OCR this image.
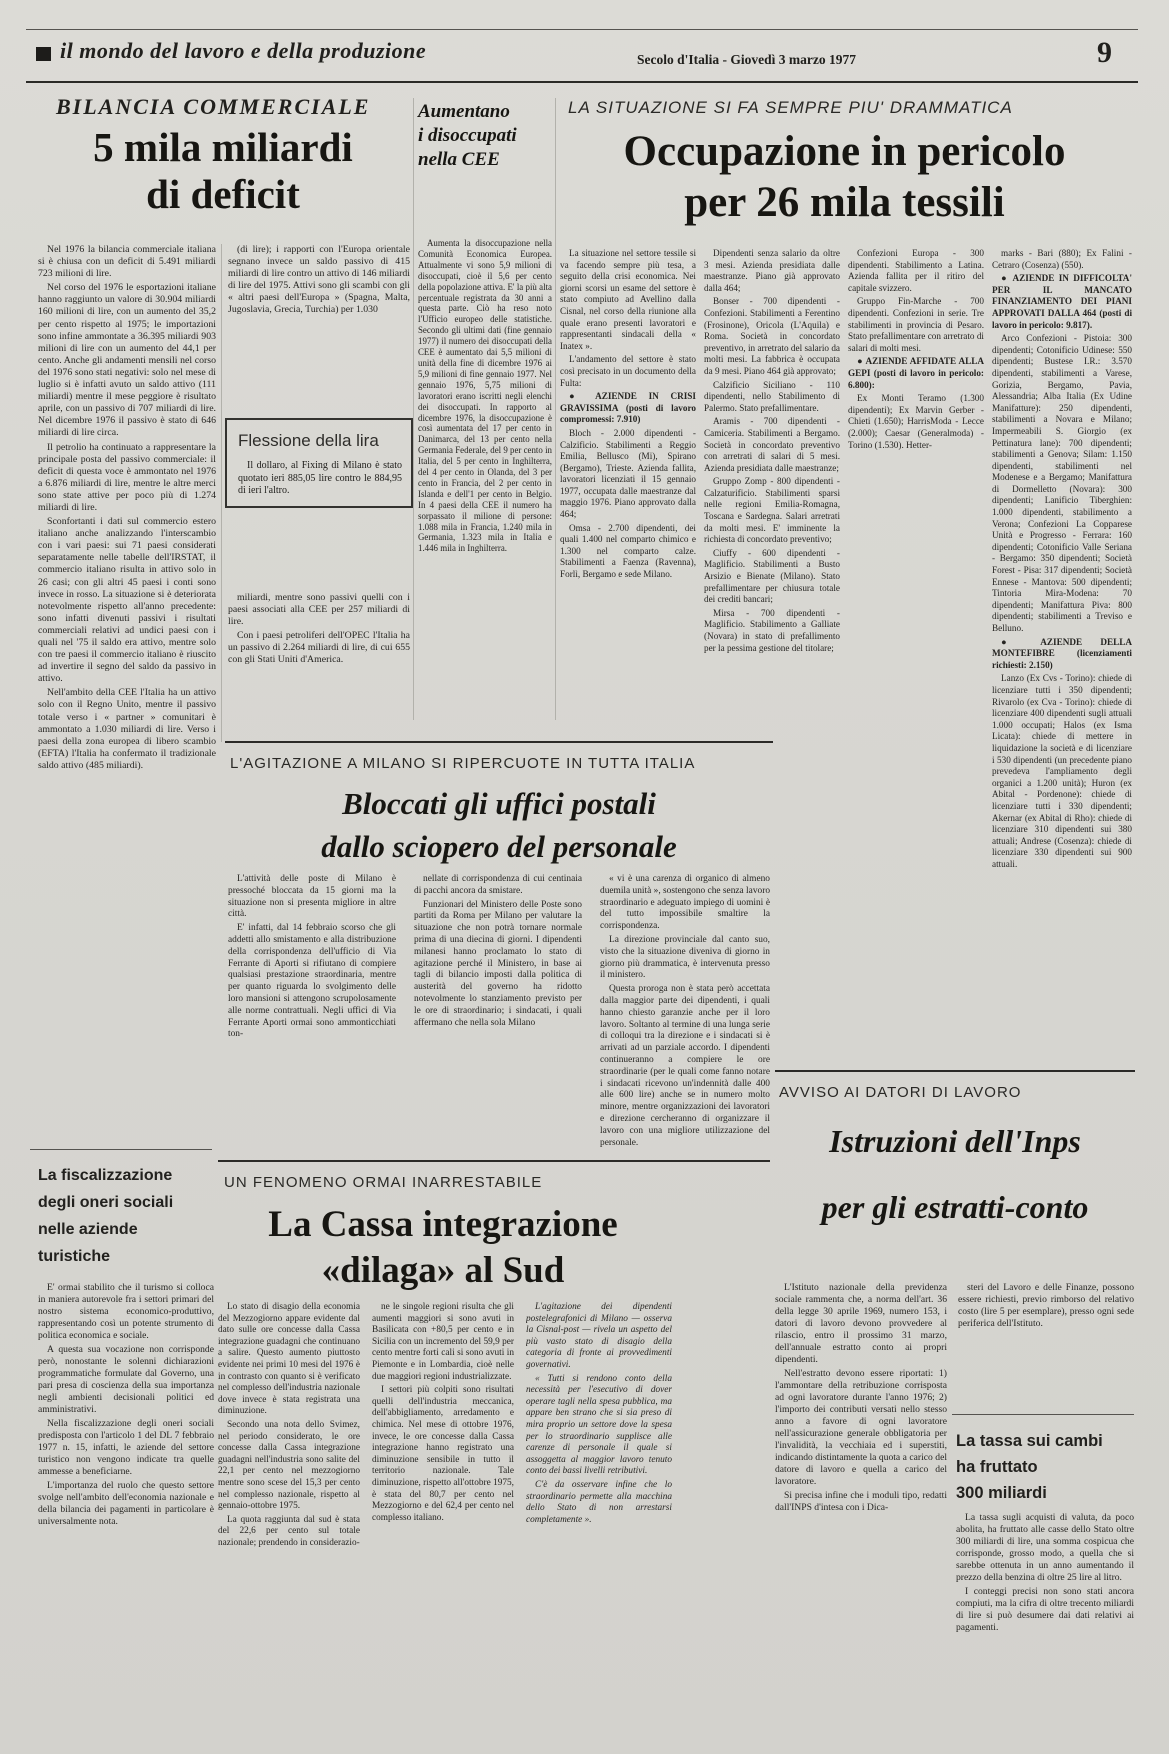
il mondo del lavoro e della produzione	Secolo d'Italia - Giovedì 3 marzo 1977	9
BILANCIA COMMERCIALE
5 mila miliardi
di deficit

Nel 1976 la bilancia commerciale italiana si è chiusa con un deficit di 5.491 miliardi 723 milioni di lire.

Nel corso del 1976 le esportazioni italiane hanno raggiunto un valore di 30.904 miliardi 160 milioni di lire, con un aumento del 35,2 per cento rispetto al 1975; le importazioni sono infine ammontate a 36.395 miliardi 903 milioni di lire con un aumento del 44,1 per cento. Anche gli andamenti mensili nel corso del 1976 sono stati negativi: solo nel mese di luglio si è infatti avuto un saldo attivo (111 miliardi) mentre il mese peggiore è risultato aprile, con un passivo di 707 miliardi di lire. Nel dicembre 1976 il passivo è stato di 646 miliardi di lire circa.

Il petrolio ha continuato a rappresentare la principale posta del passivo commerciale: il deficit di questa voce è ammontato nel 1976 a 6.876 miliardi di lire, mentre le altre merci sono state attive per poco più di 1.274 miliardi di lire.

Sconfortanti i dati sul commercio estero italiano anche analizzando l'interscambio con i vari paesi: sui 71 paesi considerati separatamente nelle tabelle dell'IRSTAT, il commercio italiano risulta in attivo solo in 26 casi; con gli altri 45 paesi i conti sono invece in rosso. La situazione si è deteriorata notevolmente rispetto all'anno precedente: sono infatti divenuti passivi i risultati commerciali relativi ad undici paesi con i quali nel '75 il saldo era attivo, mentre solo con tre paesi il commercio italiano è riuscito ad invertire il segno del saldo da passivo in attivo.

Nell'ambito della CEE l'Italia ha un attivo solo con il Regno Unito, mentre il passivo totale verso i « partner » comunitari è ammontato a 1.030 miliardi di lire. Verso i paesi della zona europea di libero scambio (EFTA) l'Italia ha confermato il tradizionale saldo attivo (485 miliardi).

(di lire); i rapporti con l'Europa orientale segnano invece un saldo passivo di 415 miliardi di lire contro un attivo di 146 miliardi di lire del 1975. Attivi sono gli scambi con gli « altri paesi dell'Europa » (Spagna, Malta, Jugoslavia, Grecia, Turchia) per 1.030

Flessione della lira

Il dollaro, al Fixing di Milano è stato quotato ieri 885,05 lire contro le 884,95 di ieri l'altro.

miliardi, mentre sono passivi quelli con i paesi associati alla CEE per 257 miliardi di lire.

Con i paesi petroliferi dell'OPEC l'Italia ha un passivo di 2.264 miliardi di lire, di cui 655 con gli Stati Uniti d'America.

Aumentano
i disoccupati
nella CEE

Aumenta la disoccupazione nella Comunità Economica Europea. Attualmente vi sono 5,9 milioni di disoccupati, cioè il 5,6 per cento della popolazione attiva. E' la più alta percentuale registrata da 30 anni a questa parte. Ciò ha reso noto l'Ufficio europeo delle statistiche. Secondo gli ultimi dati (fine gennaio 1977) il numero dei disoccupati della CEE è aumentato dai 5,5 milioni di unità della fine di dicembre 1976 ai 5,9 milioni di fine gennaio 1977. Nel gennaio 1976, 5,75 milioni di lavoratori erano iscritti negli elenchi dei disoccupati. In rapporto al dicembre 1976, la disoccupazione è così aumentata del 17 per cento in Danimarca, del 13 per cento nella Germania Federale, del 9 per cento in Italia, del 5 per cento in Inghilterra, del 4 per cento in Olanda, del 3 per cento in Francia, del 2 per cento in Islanda e dell'1 per cento in Belgio. In 4 paesi della CEE il numero ha sorpassato il milione di persone: 1.088 mila in Francia, 1.240 mila in Germania, 1.323 mila in Italia e 1.446 mila in Inghilterra.

LA SITUAZIONE SI FA SEMPRE PIU' DRAMMATICA
Occupazione in pericolo
per 26 mila tessili

La situazione nel settore tessile si va facendo sempre più tesa, a seguito della crisi economica. Nei giorni scorsi un esame del settore è stato compiuto ad Avellino dalla Cisnal, nel corso della riunione alla quale erano presenti lavoratori e rappresentanti sindacali della « Inatex ».

L'andamento del settore è stato così precisato in un documento della Fulta:

● AZIENDE IN CRISI GRAVISSIMA (posti di lavoro compromessi: 7.910)

Bloch - 2.000 dipendenti - Calzificio. Stabilimenti a Reggio Emilia, Bellusco (Mi), Spirano (Bergamo), Trieste. Azienda fallita, lavoratori licenziati il 15 gennaio 1977, occupata dalle maestranze dal maggio 1976. Piano approvato dalla 464;

Omsa - 2.700 dipendenti, dei quali 1.400 nel comparto chimico e 1.300 nel comparto calze. Stabilimenti a Faenza (Ravenna), Forlì, Bergamo e sede Milano.

Dipendenti senza salario da oltre 3 mesi. Azienda presidiata dalle maestranze. Piano già approvato dalla 464;

Bonser - 700 dipendenti - Confezioni. Stabilimenti a Ferentino (Frosinone), Oricola (L'Aquila) e Roma. Società in concordato preventivo, in arretrato del salario da molti mesi. La fabbrica è occupata da 9 mesi. Piano 464 già approvato;

Calzificio Siciliano - 110 dipendenti, nello Stabilimento di Palermo. Stato prefallimentare.

Aramis - 700 dipendenti - Camiceria. Stabilimenti a Bergamo. Società in concordato preventivo con arretrati di salari di 5 mesi. Azienda presidiata dalle maestranze;

Gruppo Zomp - 800 dipendenti - Calzaturificio. Stabilimenti sparsi nelle regioni Emilia-Romagna, Toscana e Sardegna. Salari arretrati da molti mesi. E' imminente la richiesta di concordato preventivo;

Ciuffy - 600 dipendenti - Maglificio. Stabilimenti a Busto Arsizio e Bienate (Milano). Stato prefallimentare per chiusura totale dei crediti bancari;

Mirsa - 700 dipendenti - Maglificio. Stabilimento a Galliate (Novara) in stato di prefallimento per la pessima gestione del titolare;

Confezioni Europa - 300 dipendenti. Stabilimento a Latina. Azienda fallita per il ritiro del capitale svizzero.

Gruppo Fin-Marche - 700 dipendenti. Confezioni in serie. Tre stabilimenti in provincia di Pesaro. Stato prefallimentare con arretrato di salari di molti mesi.

● AZIENDE AFFIDATE ALLA GEPI (posti di lavoro in pericolo: 6.800):

Ex Monti Teramo (1.300 dipendenti); Ex Marvin Gerber - Chieti (1.650); HarrisModa - Lecce (2.000); Caesar (Generalmoda) - Torino (1.530). Hetter-

marks - Bari (880); Ex Falini - Cetraro (Cosenza) (550).

● AZIENDE IN DIFFICOLTA' PER IL MANCATO FINANZIAMENTO DEI PIANI APPROVATI DALLA 464 (posti di lavoro in pericolo: 9.817).

Arco Confezioni - Pistoia: 300 dipendenti; Cotonificio Udinese: 550 dipendenti; Bustese I.R.: 3.570 dipendenti, stabilimenti a Varese, Gorizia, Bergamo, Pavia, Alessandria; Alba Italia (Ex Udine Manifatture): 250 dipendenti, stabilimenti a Novara e Milano; Impermeabili S. Giorgio (ex Pettinatura lane): 700 dipendenti; stabilimenti a Genova; Silam: 1.150 dipendenti, stabilimenti nel Modenese e a Bergamo; Manifattura di Dormelletto (Novara): 300 dipendenti; Lanificio Tiberghien: 1.000 dipendenti, stabilimento a Verona; Confezioni La Copparese Unità e Progresso - Ferrara: 160 dipendenti; Cotonificio Valle Seriana - Bergamo: 350 dipendenti; Società Forest - Pisa: 317 dipendenti; Società Ennese - Mantova: 500 dipendenti; Tintoria Mira-Modena: 70 dipendenti; Manifattura Piva: 800 dipendenti; stabilimenti a Treviso e Belluno.

● AZIENDE DELLA MONTEFIBRE (licenziamenti richiesti: 2.150)

Lanzo (Ex Cvs - Torino): chiede di licenziare tutti i 350 dipendenti; Rivarolo (ex Cva - Torino): chiede di licenziare 400 dipendenti sugli attuali 1.000 occupati; Halos (ex Isma Licata): chiede di mettere in liquidazione la società e di licenziare i 530 dipendenti (un precedente piano prevedeva l'ampliamento degli organici a 1.200 unità); Huron (ex Abital - Pordenone): chiede di licenziare tutti i 330 dipendenti; Akernar (ex Abital di Rho): chiede di licenziare 310 dipendenti sui 380 attuali; Andrese (Cosenza): chiede di licenziare 330 dipendenti sui 900 attuali.

L'AGITAZIONE A MILANO SI RIPERCUOTE IN TUTTA ITALIA
Bloccati gli uffici postali
dallo sciopero del personale

L'attività delle poste di Milano è pressoché bloccata da 15 giorni ma la situazione non si presenta migliore in altre città.

E' infatti, dal 14 febbraio scorso che gli addetti allo smistamento e alla distribuzione della corrispondenza dell'ufficio di Via Ferrante di Aporti si rifiutano di compiere qualsiasi prestazione straordinaria, mentre per quanto riguarda lo svolgimento delle loro mansioni si attengono scrupolosamente alle norme contrattuali. Negli uffici di Via Ferrante Aporti ormai sono ammonticchiati ton-

nellate di corrispondenza di cui centinaia di pacchi ancora da smistare.

Funzionari del Ministero delle Poste sono partiti da Roma per Milano per valutare la situazione che non potrà tornare normale prima di una diecina di giorni. I dipendenti milanesi hanno proclamato lo stato di agitazione perché il Ministero, in base ai tagli di bilancio imposti dalla politica di austerità del governo ha ridotto notevolmente lo stanziamento previsto per le ore di straordinario; i sindacati, i quali affermano che nella sola Milano

« vi è una carenza di organico di almeno duemila unità », sostengono che senza lavoro straordinario e adeguato impiego di uomini è del tutto impossibile smaltire la corrispondenza.

La direzione provinciale dal canto suo, visto che la situazione diveniva di giorno in giorno più drammatica, è intervenuta presso il ministero.

Questa proroga non è stata però accettata dalla maggior parte dei dipendenti, i quali hanno chiesto garanzie anche per il loro lavoro. Soltanto al termine di una lunga serie di colloqui tra la direzione e i sindacati si è arrivati ad un parziale accordo. I dipendenti continueranno a compiere le ore straordinarie (per le quali come fanno notare i sindacati ricevono un'indennità dalle 400 alle 600 lire) anche se in numero molto minore, mentre organizzazioni dei lavoratori e direzione cercheranno di organizzare il lavoro con una migliore utilizzazione del personale.

La fiscalizzazione
degli oneri sociali
nelle aziende
turistiche

E' ormai stabilito che il turismo si colloca in maniera autorevole fra i settori primari del nostro sistema economico-produttivo, rappresentando così un potente strumento di politica economica e sociale.

A questa sua vocazione non corrisponde però, nonostante le solenni dichiarazioni programmatiche formulate dal Governo, una pari presa di coscienza della sua importanza negli ambienti decisionali politici ed amministrativi.

Nella fiscalizzazione degli oneri sociali predisposta con l'articolo 1 del DL 7 febbraio 1977 n. 15, infatti, le aziende del settore turistico non vengono indicate tra quelle ammesse a beneficiarne.

L'importanza del ruolo che questo settore svolge nell'ambito dell'economia nazionale e della bilancia dei pagamenti in particolare è universalmente nota.

UN FENOMENO ORMAI INARRESTABILE
La Cassa integrazione
«dilaga» al Sud

Lo stato di disagio della economia del Mezzogiorno appare evidente dal dato sulle ore concesse dalla Cassa integrazione guadagni che continuano a salire. Questo aumento piuttosto evidente nei primi 10 mesi del 1976 è in contrasto con quanto si è verificato nel complesso dell'industria nazionale dove invece è stata registrata una diminuzione.

Secondo una nota dello Svimez, nel periodo considerato, le ore concesse dalla Cassa integrazione guadagni nell'industria sono salite del 22,1 per cento nel mezzogiorno mentre sono scese del 15,3 per cento nel complesso nazionale, rispetto al gennaio-ottobre 1975.

La quota raggiunta dal sud è stata del 22,6 per cento sul totale nazionale; prendendo in considerazio-

ne le singole regioni risulta che gli aumenti maggiori si sono avuti in Basilicata con +80,5 per cento e in Sicilia con un incremento del 59,9 per cento mentre forti cali si sono avuti in Piemonte e in Lombardia, cioè nelle due maggiori regioni industrializzate.

I settori più colpiti sono risultati quelli dell'industria meccanica, dell'abbigliamento, arredamento e chimica. Nel mese di ottobre 1976, invece, le ore concesse dalla Cassa integrazione hanno registrato una diminuzione sensibile in tutto il territorio nazionale. Tale diminuzione, rispetto all'ottobre 1975, è stata del 80,7 per cento nel Mezzogiorno e del 62,4 per cento nel complesso italiano.

L'agitazione dei dipendenti postelegrafonici di Milano — osserva la Cisnal-post — rivela un aspetto del più vasto stato di disagio della categoria di fronte ai provvedimenti governativi.

« Tutti si rendono conto della necessità per l'esecutivo di dover operare tagli nella spesa pubblica, ma appare ben strano che si sia preso di mira proprio un settore dove la spesa per lo straordinario supplisce alle carenze di personale il quale si assoggetta al maggior lavoro tenuto conto dei bassi livelli retributivi.

C'è da osservare infine che lo straordinario permette alla macchina dello Stato di non arrestarsi completamente ».

AVVISO AI DATORI DI LAVORO
Istruzioni dell'Inps
per gli estratti-conto

L'Istituto nazionale della previdenza sociale rammenta che, a norma dell'art. 36 della legge 30 aprile 1969, numero 153, i datori di lavoro devono provvedere al rilascio, entro il prossimo 31 marzo, dell'annuale estratto conto ai propri dipendenti.

Nell'estratto devono essere riportati: 1) l'ammontare della retribuzione corrisposta ad ogni lavoratore durante l'anno 1976; 2) l'importo dei contributi versati nello stesso anno a favore di ogni lavoratore nell'assicurazione generale obbligatoria per l'invalidità, la vecchiaia ed i superstiti, indicando distintamente la quota a carico del datore di lavoro e quella a carico del lavoratore.

Si precisa infine che i moduli tipo, redatti dall'INPS d'intesa con i Dica-

steri del Lavoro e delle Finanze, possono essere richiesti, previo rimborso del relativo costo (lire 5 per esemplare), presso ogni sede periferica dell'Istituto.

La tassa sui cambi
ha fruttato
300 miliardi

La tassa sugli acquisti di valuta, da poco abolita, ha fruttato alle casse dello Stato oltre 300 miliardi di lire, una somma cospicua che corrisponde, grosso modo, a quella che si sarebbe ottenuta in un anno aumentando il prezzo della benzina di oltre 25 lire al litro.

I conteggi precisi non sono stati ancora compiuti, ma la cifra di oltre trecento miliardi di lire si può desumere dai dati relativi ai pagamenti.
